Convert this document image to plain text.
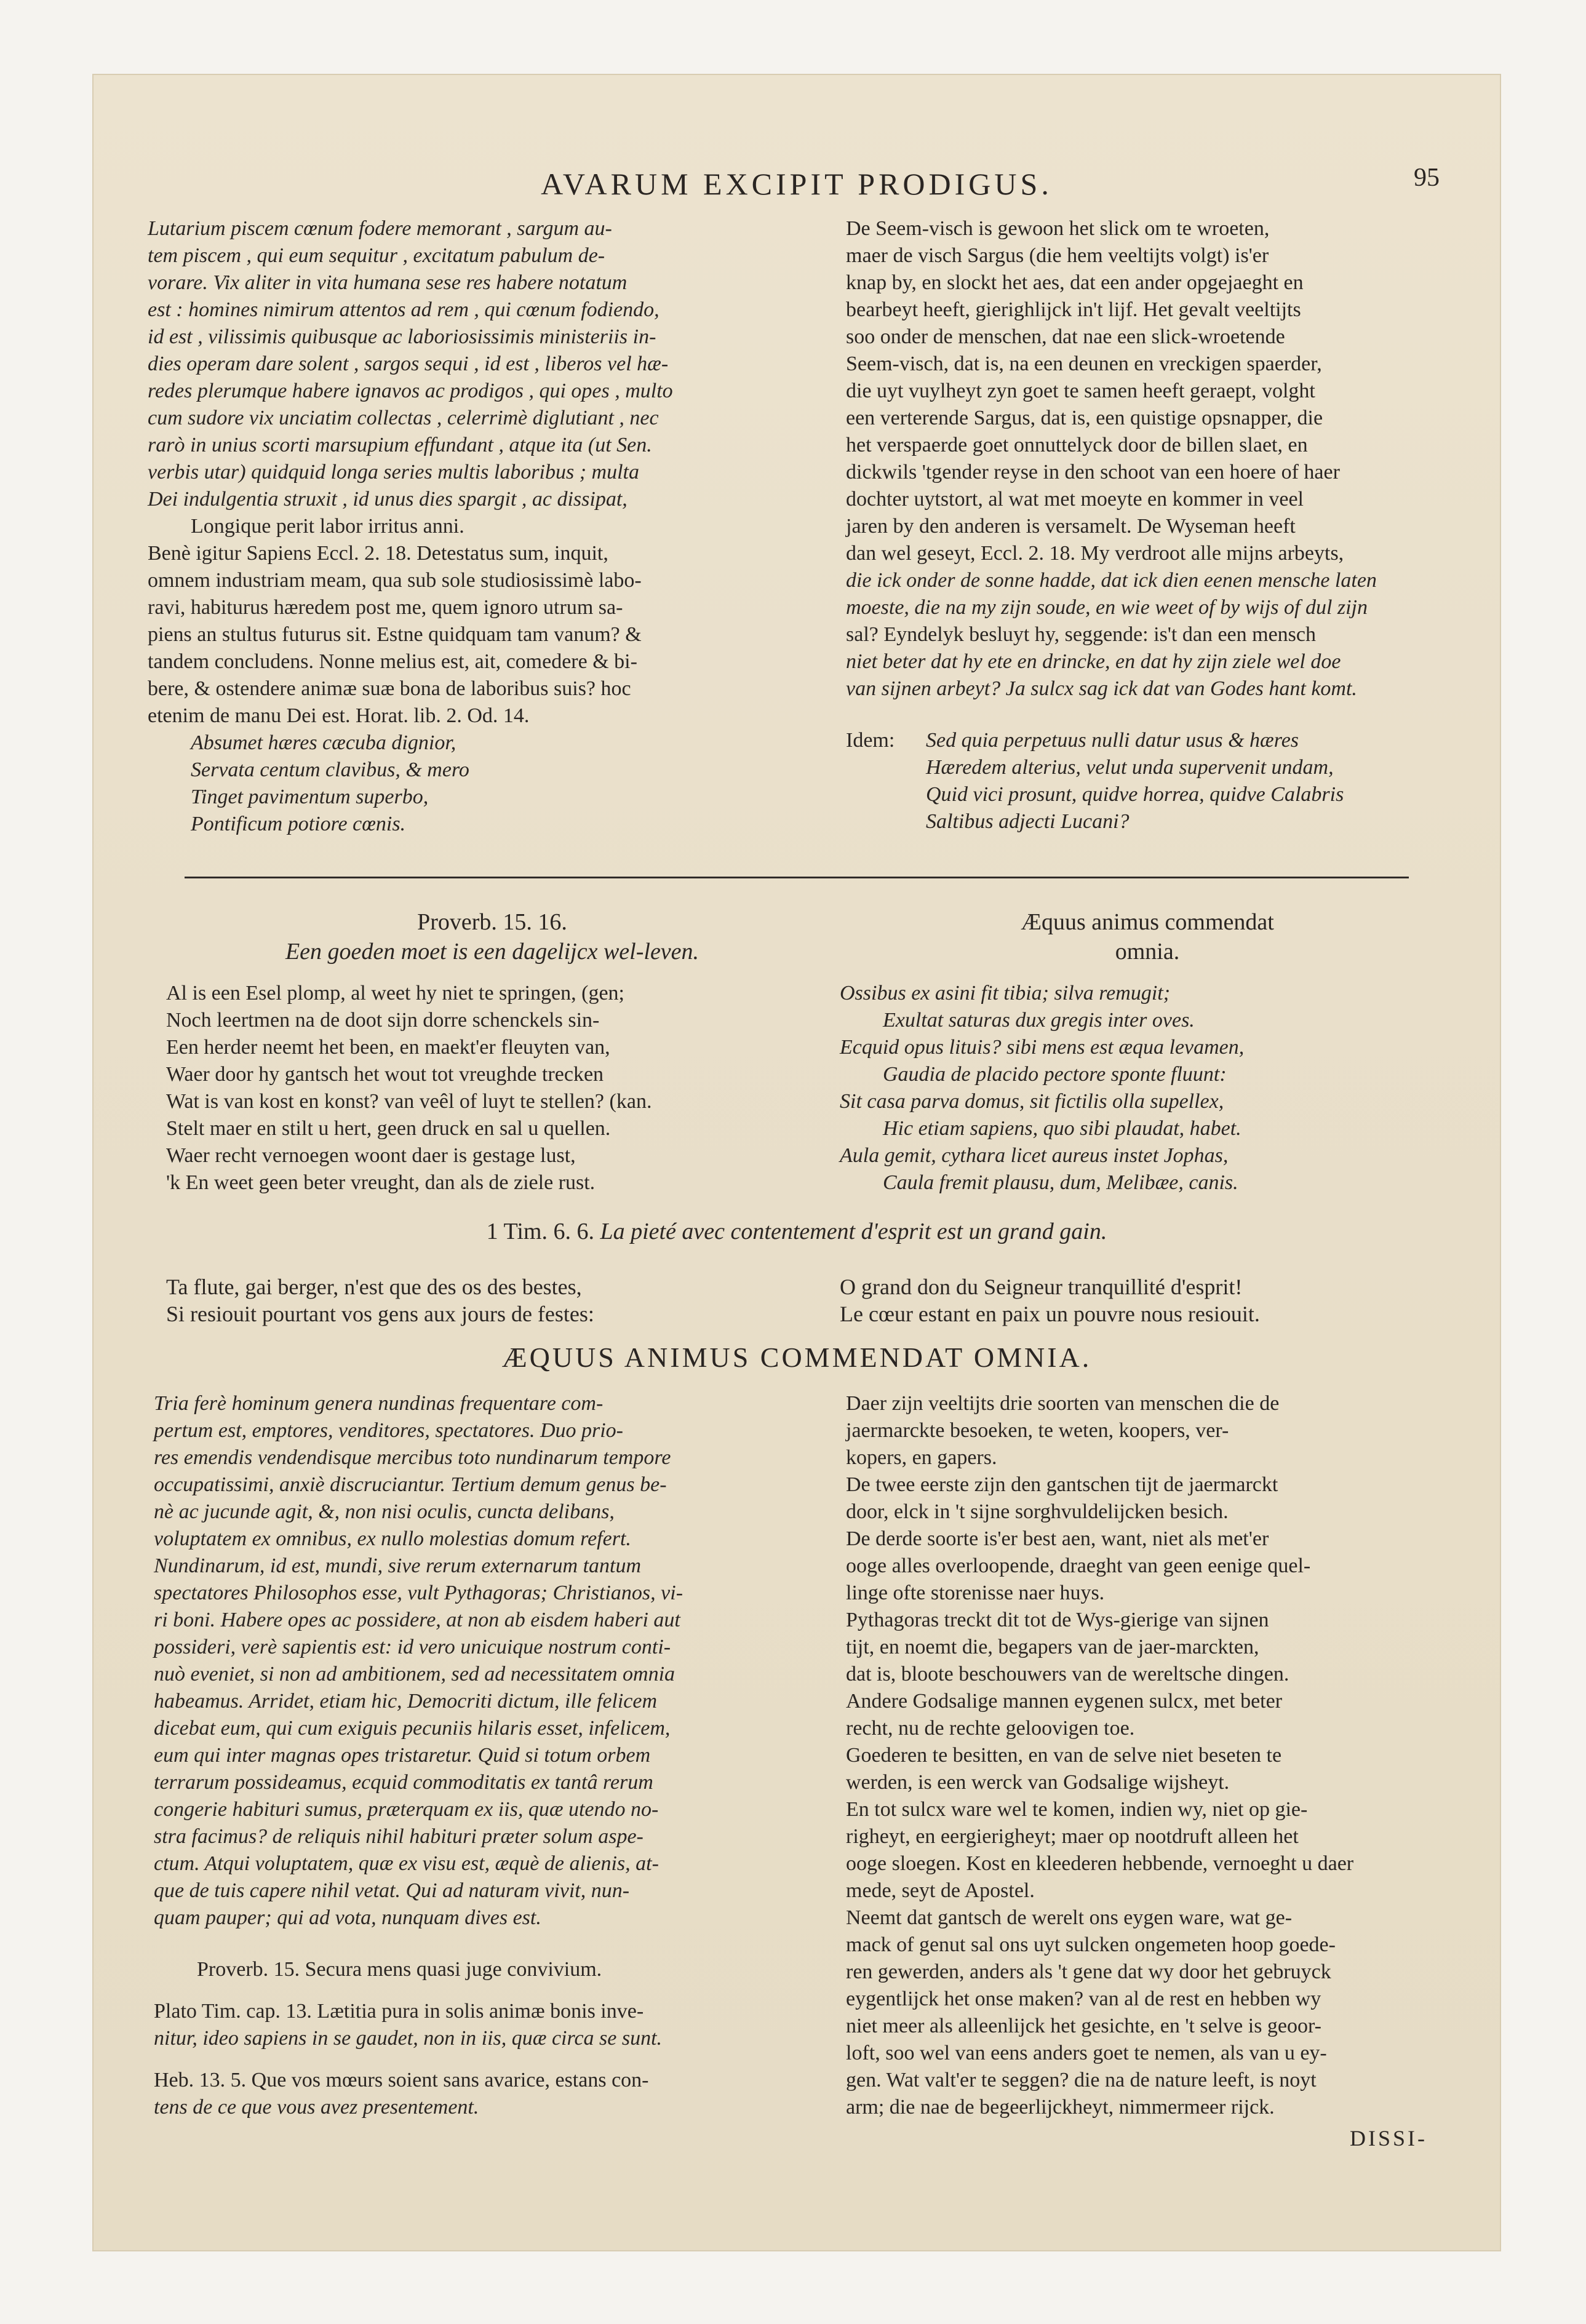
AVARUM EXCIPIT PRODIGUS.	95

Lutarium piscem cœnum fodere memorant , sargum au-

tem piscem , qui eum sequitur , excitatum pabulum de-

vorare. Vix aliter in vita humana sese res habere notatum

est : homines nimirum attentos ad rem , qui cœnum fodiendo,

id est , vilissimis quibusque ac laboriosissimis ministeriis in-

dies operam dare solent , sargos sequi , id est , liberos vel hæ-

redes plerumque habere ignavos ac prodigos , qui opes , multo

cum sudore vix unciatim collectas , celerrimè diglutiant , nec

rarò in unius scorti marsupium effundant , atque ita (ut Sen.

verbis utar) quidquid longa series multis laboribus ; multa

Dei indulgentia struxit , id unus dies spargit , ac dissipat,

Longique perit labor irritus anni.

Benè igitur Sapiens Eccl. 2. 18. Detestatus sum, inquit,

omnem industriam meam, qua sub sole studiosissimè labo-

ravi, habiturus hæredem post me, quem ignoro utrum sa-

piens an stultus futurus sit. Estne quidquam tam vanum? &

tandem concludens. Nonne melius est, ait, comedere & bi-

bere, & ostendere animæ suæ bona de laboribus suis? hoc

etenim de manu Dei est. Horat. lib. 2. Od. 14.

Absumet hæres cæcuba dignior,

Servata centum clavibus, & mero

Tinget pavimentum superbo,

Pontificum potiore cœnis.

De Seem-visch is gewoon het slick om te wroeten,

maer de visch Sargus (die hem veeltijts volgt) is'er

knap by, en slockt het aes, dat een ander opgejaeght en

bearbeyt heeft, gierighlijck in't lijf. Het gevalt veeltijts

soo onder de menschen, dat nae een slick-wroetende

Seem-visch, dat is, na een deunen en vreckigen spaerder,

die uyt vuylheyt zyn goet te samen heeft geraept, volght

een verterende Sargus, dat is, een quistige opsnapper, die

het verspaerde goet onnuttelyck door de billen slaet, en

dickwils 'tgender reyse in den schoot van een hoere of haer

dochter uytstort, al wat met moeyte en kommer in veel

jaren by den anderen is versamelt. De Wyseman heeft

dan wel geseyt, Eccl. 2. 18. My verdroot alle mijns arbeyts,

die ick onder de sonne hadde, dat ick dien eenen mensche laten

moeste, die na my zijn soude, en wie weet of by wijs of dul zijn

sal? Eyndelyk besluyt hy, seggende: is't dan een mensch

niet beter dat hy ete en drincke, en dat hy zijn ziele wel doe

van sijnen arbeyt? Ja sulcx sag ick dat van Godes hant komt.

Idem: Sed quia perpetuus nulli datur usus & hæres

Hæredem alterius, velut unda supervenit undam,

Quid vici prosunt, quidve horrea, quidve Calabris

Saltibus adjecti Lucani?

Proverb. 15. 16.

Een goeden moet is een dagelijcx wel-leven.

Al is een Esel plomp, al weet hy niet te springen, (gen;

Noch leertmen na de doot sijn dorre schenckels sin-

Een herder neemt het been, en maekt'er fleuyten van,

Waer door hy gantsch het wout tot vreughde trecken

Wat is van kost en konst? van veêl of luyt te stellen? (kan.

Stelt maer en stilt u hert, geen druck en sal u quellen.

Waer recht vernoegen woont daer is gestage lust,

'k En weet geen beter vreught, dan als de ziele rust.

Æquus animus commendat

omnia.

Ossibus ex asini fit tibia; silva remugit;

Exultat saturas dux gregis inter oves.

Ecquid opus lituis? sibi mens est æqua levamen,

Gaudia de placido pectore sponte fluunt:

Sit casa parva domus, sit fictilis olla supellex,

Hic etiam sapiens, quo sibi plaudat, habet.

Aula gemit, cythara licet aureus instet Jophas,

Caula fremit plausu, dum, Melibæe, canis.

1 Tim. 6. 6. La pieté avec contentement d'esprit est un grand gain.

Ta flute, gai berger, n'est que des os des bestes,

Si resiouit pourtant vos gens aux jours de festes:

O grand don du Seigneur tranquillité d'esprit!

Le cœur estant en paix un pouvre nous resiouit.

ÆQUUS ANIMUS COMMENDAT OMNIA.

Tria ferè hominum genera nundinas frequentare com-

pertum est, emptores, venditores, spectatores. Duo prio-

res emendis vendendisque mercibus toto nundinarum tempore

occupatissimi, anxiè discruciantur. Tertium demum genus be-

nè ac jucunde agit, &, non nisi oculis, cuncta delibans,

voluptatem ex omnibus, ex nullo molestias domum refert.

Nundinarum, id est, mundi, sive rerum externarum tantum

spectatores Philosophos esse, vult Pythagoras; Christianos, vi-

ri boni. Habere opes ac possidere, at non ab eisdem haberi aut

possideri, verè sapientis est: id vero unicuique nostrum conti-

nuò eveniet, si non ad ambitionem, sed ad necessitatem omnia

habeamus. Arridet, etiam hic, Democriti dictum, ille felicem

dicebat eum, qui cum exiguis pecuniis hilaris esset, infelicem,

eum qui inter magnas opes tristaretur. Quid si totum orbem

terrarum possideamus, ecquid commoditatis ex tantâ rerum

congerie habituri sumus, præterquam ex iis, quæ utendo no-

stra facimus? de reliquis nihil habituri præter solum aspe-

ctum. Atqui voluptatem, quæ ex visu est, æquè de alienis, at-

que de tuis capere nihil vetat. Qui ad naturam vivit, nun-

quam pauper; qui ad vota, nunquam dives est.

Proverb. 15. Secura mens quasi juge convivium.

Plato Tim. cap. 13. Lætitia pura in solis animæ bonis inve-

nitur, ideo sapiens in se gaudet, non in iis, quæ circa se sunt.

Heb. 13. 5. Que vos mœurs soient sans avarice, estans con-

tens de ce que vous avez presentement.

Daer zijn veeltijts drie soorten van menschen die de

jaermarckte besoeken, te weten, koopers, ver-

kopers, en gapers.

De twee eerste zijn den gantschen tijt de jaermarckt

door, elck in 't sijne sorghvuldelijcken besich.

De derde soorte is'er best aen, want, niet als met'er

ooge alles overloopende, draeght van geen eenige quel-

linge ofte storenisse naer huys.

Pythagoras treckt dit tot de Wys-gierige van sijnen

tijt, en noemt die, begapers van de jaer-marckten,

dat is, bloote beschouwers van de wereltsche dingen.

Andere Godsalige mannen eygenen sulcx, met beter

recht, nu de rechte geloovigen toe.

Goederen te besitten, en van de selve niet beseten te

werden, is een werck van Godsalige wijsheyt.

En tot sulcx ware wel te komen, indien wy, niet op gie-

righeyt, en eergierigheyt; maer op nootdruft alleen het

ooge sloegen. Kost en kleederen hebbende, vernoeght u daer

mede, seyt de Apostel.

Neemt dat gantsch de werelt ons eygen ware, wat ge-

mack of genut sal ons uyt sulcken ongemeten hoop goede-

ren gewerden, anders als 't gene dat wy door het gebruyck

eygentlijck het onse maken? van al de rest en hebben wy

niet meer als alleenlijck het gesichte, en 't selve is geoor-

loft, soo wel van eens anders goet te nemen, als van u ey-

gen. Wat valt'er te seggen? die na de nature leeft, is noyt

arm; die nae de begeerlijckheyt, nimmermeer rijck.

DISSI-
